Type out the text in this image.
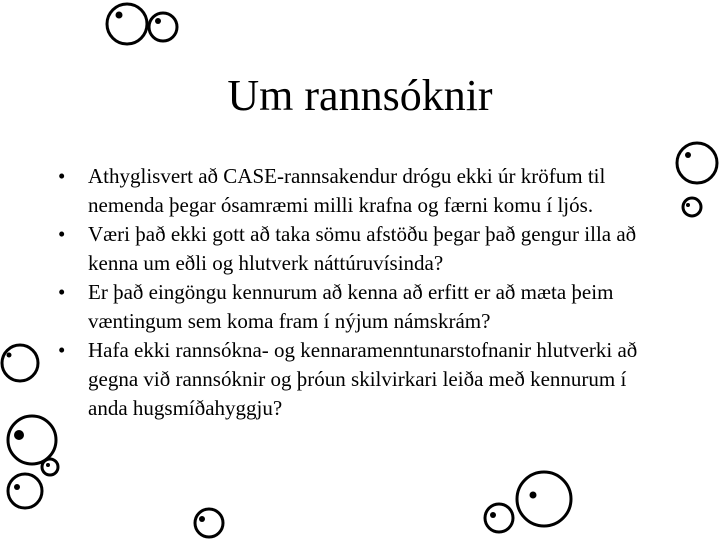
Um rannsóknir
• Athyglisvert að CASE-rannsakendur drógu ekki úr kröfum til nemenda þegar ósamræmi milli krafna og færni komu í ljós.
• Væri það ekki gott að taka sömu afstöðu þegar það gengur illa að kenna um eðli og hlutverk náttúruvísinda?
• Er það eingöngu kennurum að kenna að erfitt er að mæta þeim væntingum sem koma fram í nýjum námskrám?
• Hafa ekki rannsókna- og kennaramenntunarstofnanir hlutverki að gegna við rannsóknir og þróun skilvirkari leiða með kennurum í anda hugsmíðahyggju?
